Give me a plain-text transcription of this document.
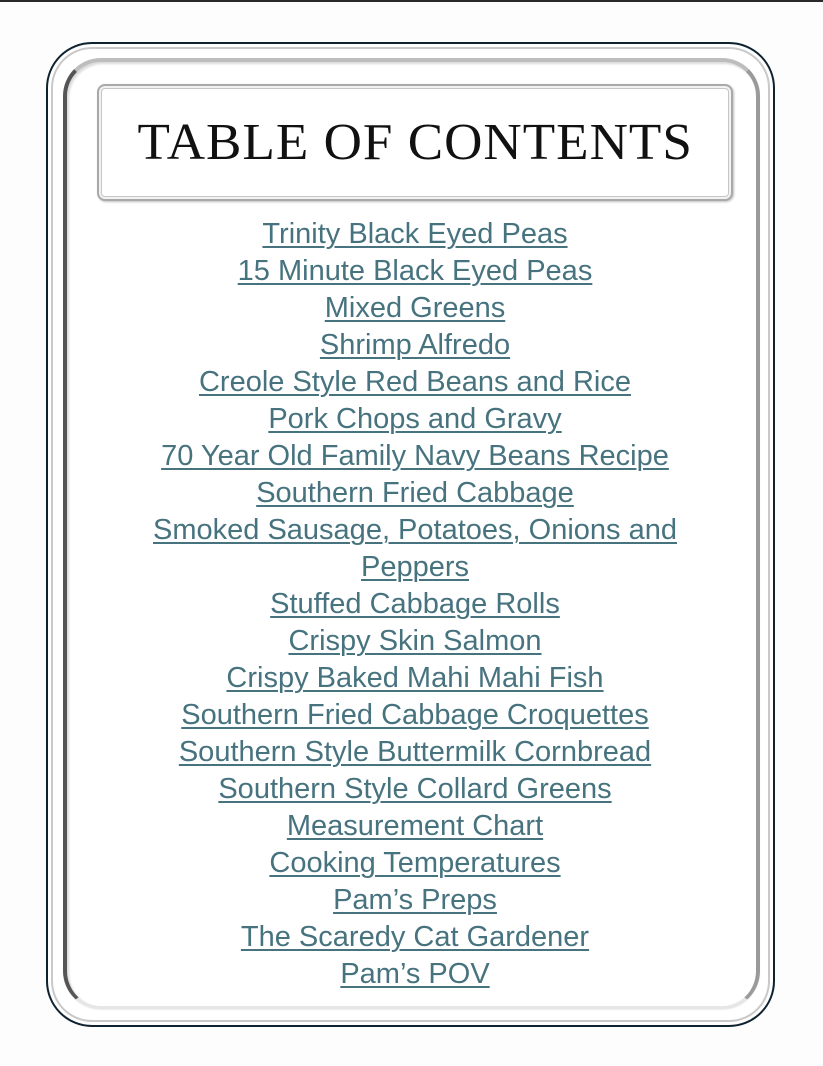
TABLE OF CONTENTS
Trinity Black Eyed Peas
15 Minute Black Eyed Peas
Mixed Greens
Shrimp Alfredo
Creole Style Red Beans and Rice
Pork Chops and Gravy
70 Year Old Family Navy Beans Recipe
Southern Fried Cabbage
Smoked Sausage, Potatoes, Onions and Peppers
Stuffed Cabbage Rolls
Crispy Skin Salmon
Crispy Baked Mahi Mahi Fish
Southern Fried Cabbage Croquettes
Southern Style Buttermilk Cornbread
Southern Style Collard Greens
Measurement Chart
Cooking Temperatures
Pam’s Preps
The Scaredy Cat Gardener
Pam’s POV
